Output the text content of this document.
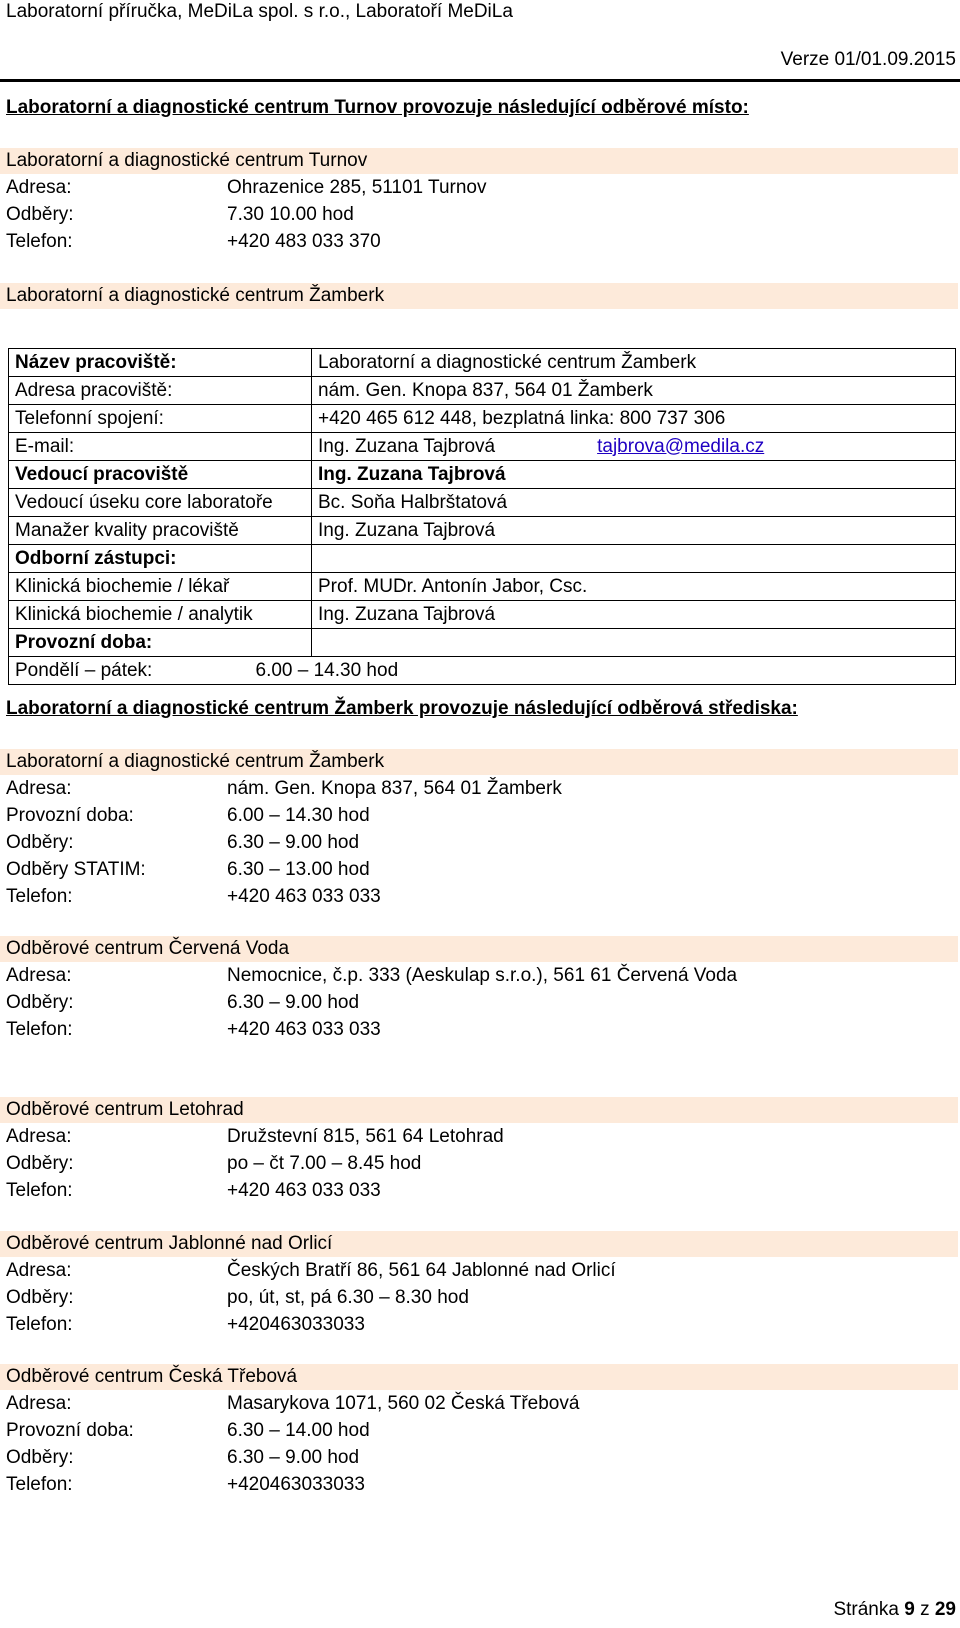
Laboratorní příručka, MeDiLa spol. s r.o., Laboratoří MeDiLa
Verze 01/01.09.2015
Laboratorní a diagnostické centrum Turnov provozuje následující odběrové místo:
Laboratorní a diagnostické centrum Turnov
Adresa:	Ohrazenice 285, 51101 Turnov
Odběry:	7.30 10.00 hod
Telefon:	+420 483 033 370
Laboratorní a diagnostické centrum Žamberk
Název pracoviště:	Laboratorní a diagnostické centrum Žamberk
Adresa pracoviště:	nám. Gen. Knopa 837, 564 01 Žamberk
Telefonní spojení:	+420 465 612 448, bezplatná linka: 800 737 306
E-mail:	Ing. Zuzana Tajbrová tajbrova@medila.cz
Vedoucí pracoviště	Ing. Zuzana Tajbrová
Vedoucí úseku core laboratoře	Bc. Soňa Halbrštatová
Manažer kvality pracoviště	Ing. Zuzana Tajbrová
Odborní zástupci:	
Klinická biochemie / lékař	Prof. MUDr. Antonín Jabor, Csc.
Klinická biochemie / analytik	Ing. Zuzana Tajbrová
Provozní doba:	
Pondělí – pátek: 6.00 – 14.30 hod	
Laboratorní a diagnostické centrum Žamberk provozuje následující odběrová střediska:
Laboratorní a diagnostické centrum Žamberk
Adresa:	nám. Gen. Knopa 837, 564 01 Žamberk
Provozní doba:	6.00 – 14.30 hod
Odběry:	6.30 – 9.00 hod
Odběry STATIM:	6.30 – 13.00 hod
Telefon:	+420 463 033 033
Odběrové centrum Červená Voda
Adresa:	Nemocnice, č.p. 333 (Aeskulap s.r.o.), 561 61 Červená Voda
Odběry:	6.30 – 9.00 hod
Telefon:	+420 463 033 033
Odběrové centrum Letohrad
Adresa:	Družstevní 815, 561 64 Letohrad
Odběry:	po – čt 7.00 – 8.45 hod
Telefon:	+420 463 033 033
Odběrové centrum Jablonné nad Orlicí
Adresa:	Českých Bratří 86, 561 64 Jablonné nad Orlicí
Odběry:	po, út, st, pá 6.30 – 8.30 hod
Telefon:	+420463033033
Odběrové centrum Česká Třebová
Adresa:	Masarykova 1071, 560 02 Česká Třebová
Provozní doba:	6.30 – 14.00 hod
Odběry:	6.30 – 9.00 hod
Telefon:	+420463033033
Stránka 9 z 29
